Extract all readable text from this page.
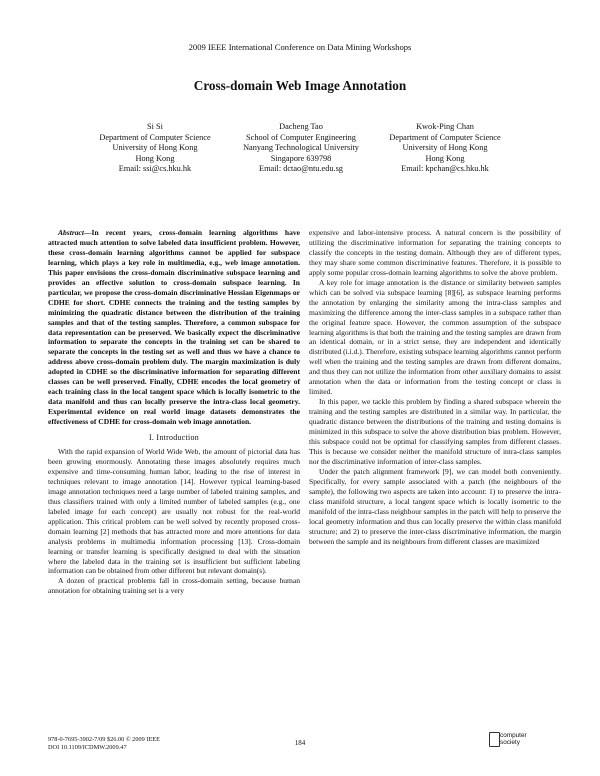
2009 IEEE International Conference on Data Mining Workshops
Cross-domain Web Image Annotation
Si Si
Department of Computer Science
University of Hong Kong
Hong Kong
Email: ssi@cs.hku.hk
Dacheng Tao
School of Computer Engineering
Nanyang Technological University
Singapore 639798
Email: dctao@ntu.edu.sg
Kwok-Ping Chan
Department of Computer Science
University of Hong Kong
Hong Kong
Email: kpchan@cs.hku.hk

Abstract—In recent years, cross-domain learning algorithms have attracted much attention to solve labeled data insufficient problem. However, these cross-domain learning algorithms cannot be applied for subspace learning, which plays a key role in multimedia, e.g., web image annotation. This paper envisions the cross-domain discriminative subspace learning and provides an effective solution to cross-domain subspace learning. In particular, we propose the cross-domain discriminative Hessian Eigenmaps or CDHE for short. CDHE connects the training and the testing samples by minimizing the quadratic distance between the distribution of the training samples and that of the testing samples. Therefore, a common subspace for data representation can be preserved. We basically expect the discriminative information to separate the concepts in the training set can be shared to separate the concepts in the testing set as well and thus we have a chance to address above cross-domain problem duly. The margin maximization is duly adopted in CDHE so the discriminative information for separating different classes can be well preserved. Finally, CDHE encodes the local geometry of each training class in the local tangent space which is locally isometric to the data manifold and thus can locally preserve the intra-class local geometry. Experimental evidence on real world image datasets demonstrates the effectiveness of CDHE for cross-domain web image annotation.

I. Introduction

With the rapid expansion of World Wide Web, the amount of pictorial data has been growing enormously. Annotating these images absolutely requires much expensive and time-consuming human labor, leading to the rise of interest in techniques relevant to image annotation [14]. However typical learning-based image annotation techniques need a large number of labeled training samples, and thus classifiers trained with only a limited number of labeled samples (e.g., one labeled image for each concept) are usually not robust for the real-world application. This critical problem can be well solved by recently proposed cross-domain learning [2] methods that has attracted more and more attentions for data analysis problems in multimedia information processing [13]. Cross-domain learning or transfer learning is specifically designed to deal with the situation where the labeled data in the training set is insufficient but sufficient labeling information can be obtained from other different but relevant domain(s).

A dozen of practical problems fall in cross-domain setting, because human annotation for obtaining training set is a very

expensive and labor-intensive process. A natural concern is the possibility of utilizing the discriminative information for separating the training concepts to classify the concepts in the testing domain. Although they are of different types, they may share some common discriminative features. Therefore, it is possible to apply some popular cross-domain learning algorithms to solve the above problem.

A key role for image annotation is the distance or similarity between samples which can be solved via subspace learning [8][6], as subspace learning performs the annotation by enlarging the similarity among the intra-class samples and maximizing the difference among the inter-class samples in a subspace rather than the original feature space. However, the common assumption of the subspace learning algorithms is that both the training and the testing samples are drawn from an identical domain, or in a strict sense, they are independent and identically distributed (i.i.d.). Therefore, existing subspace learning algorithms cannot perform well when the training and the testing samples are drawn from different domains, and thus they can not utilize the information from other auxiliary domains to assist annotation when the data or information from the testing concept or class is limited.

In this paper, we tackle this problem by finding a shared subspace wherein the training and the testing samples are distributed in a similar way. In particular, the quadratic distance between the distributions of the training and testing domains is minimized in this subspace to solve the above distribution bias problem. However, this subspace could not be optimal for classifying samples from different classes. This is because we consider neither the manifold structure of intra-class samples nor the discriminative information of inter-class samples.

Under the patch alignment framework [9], we can model both conveniently. Specifically, for every sample associated with a patch (the neighbours of the sample), the following two aspects are taken into account: 1) to preserve the intra-class manifold structure, a local tangent space which is locally isometric to the manifold of the intra-class neighbour samples in the patch will help to preserve the local geometry information and thus can locally preserve the within class manifold structure; and 2) to preserve the inter-class discriminative information, the margin between the sample and its neighbours from different classes are maximized

978-0-7695-3902-7/09 $26.00 © 2009 IEEE
DOI 10.1109/ICDMW.2009.47
184
computer
society
